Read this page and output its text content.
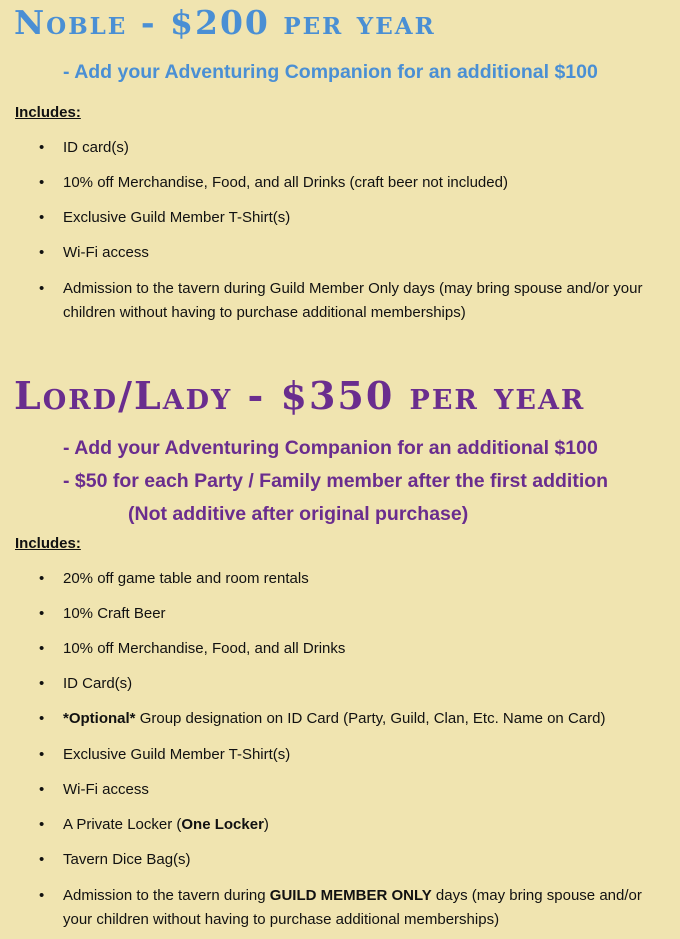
Noble - $200 per year
- Add your Adventuring Companion for an additional $100
Includes:
• ID card(s)
• 10% off Merchandise, Food, and all Drinks (craft beer not included)
• Exclusive Guild Member T-Shirt(s)
• Wi-Fi access
• Admission to the tavern during Guild Member Only days (may bring spouse and/or your children without having to purchase additional memberships)
Lord/Lady - $350 per year
- Add your Adventuring Companion for an additional $100
- $50 for each Party / Family member after the first addition
(Not additive after original purchase)
Includes:
• 20% off game table and room rentals
• 10% Craft Beer
• 10% off Merchandise, Food, and all Drinks
• ID Card(s)
• *Optional* Group designation on ID Card (Party, Guild, Clan, Etc. Name on Card)
• Exclusive Guild Member T-Shirt(s)
• Wi-Fi access
• A Private Locker (One Locker)
• Tavern Dice Bag(s)
• Admission to the tavern during GUILD MEMBER ONLY days (may bring spouse and/or your children without having to purchase additional memberships)
